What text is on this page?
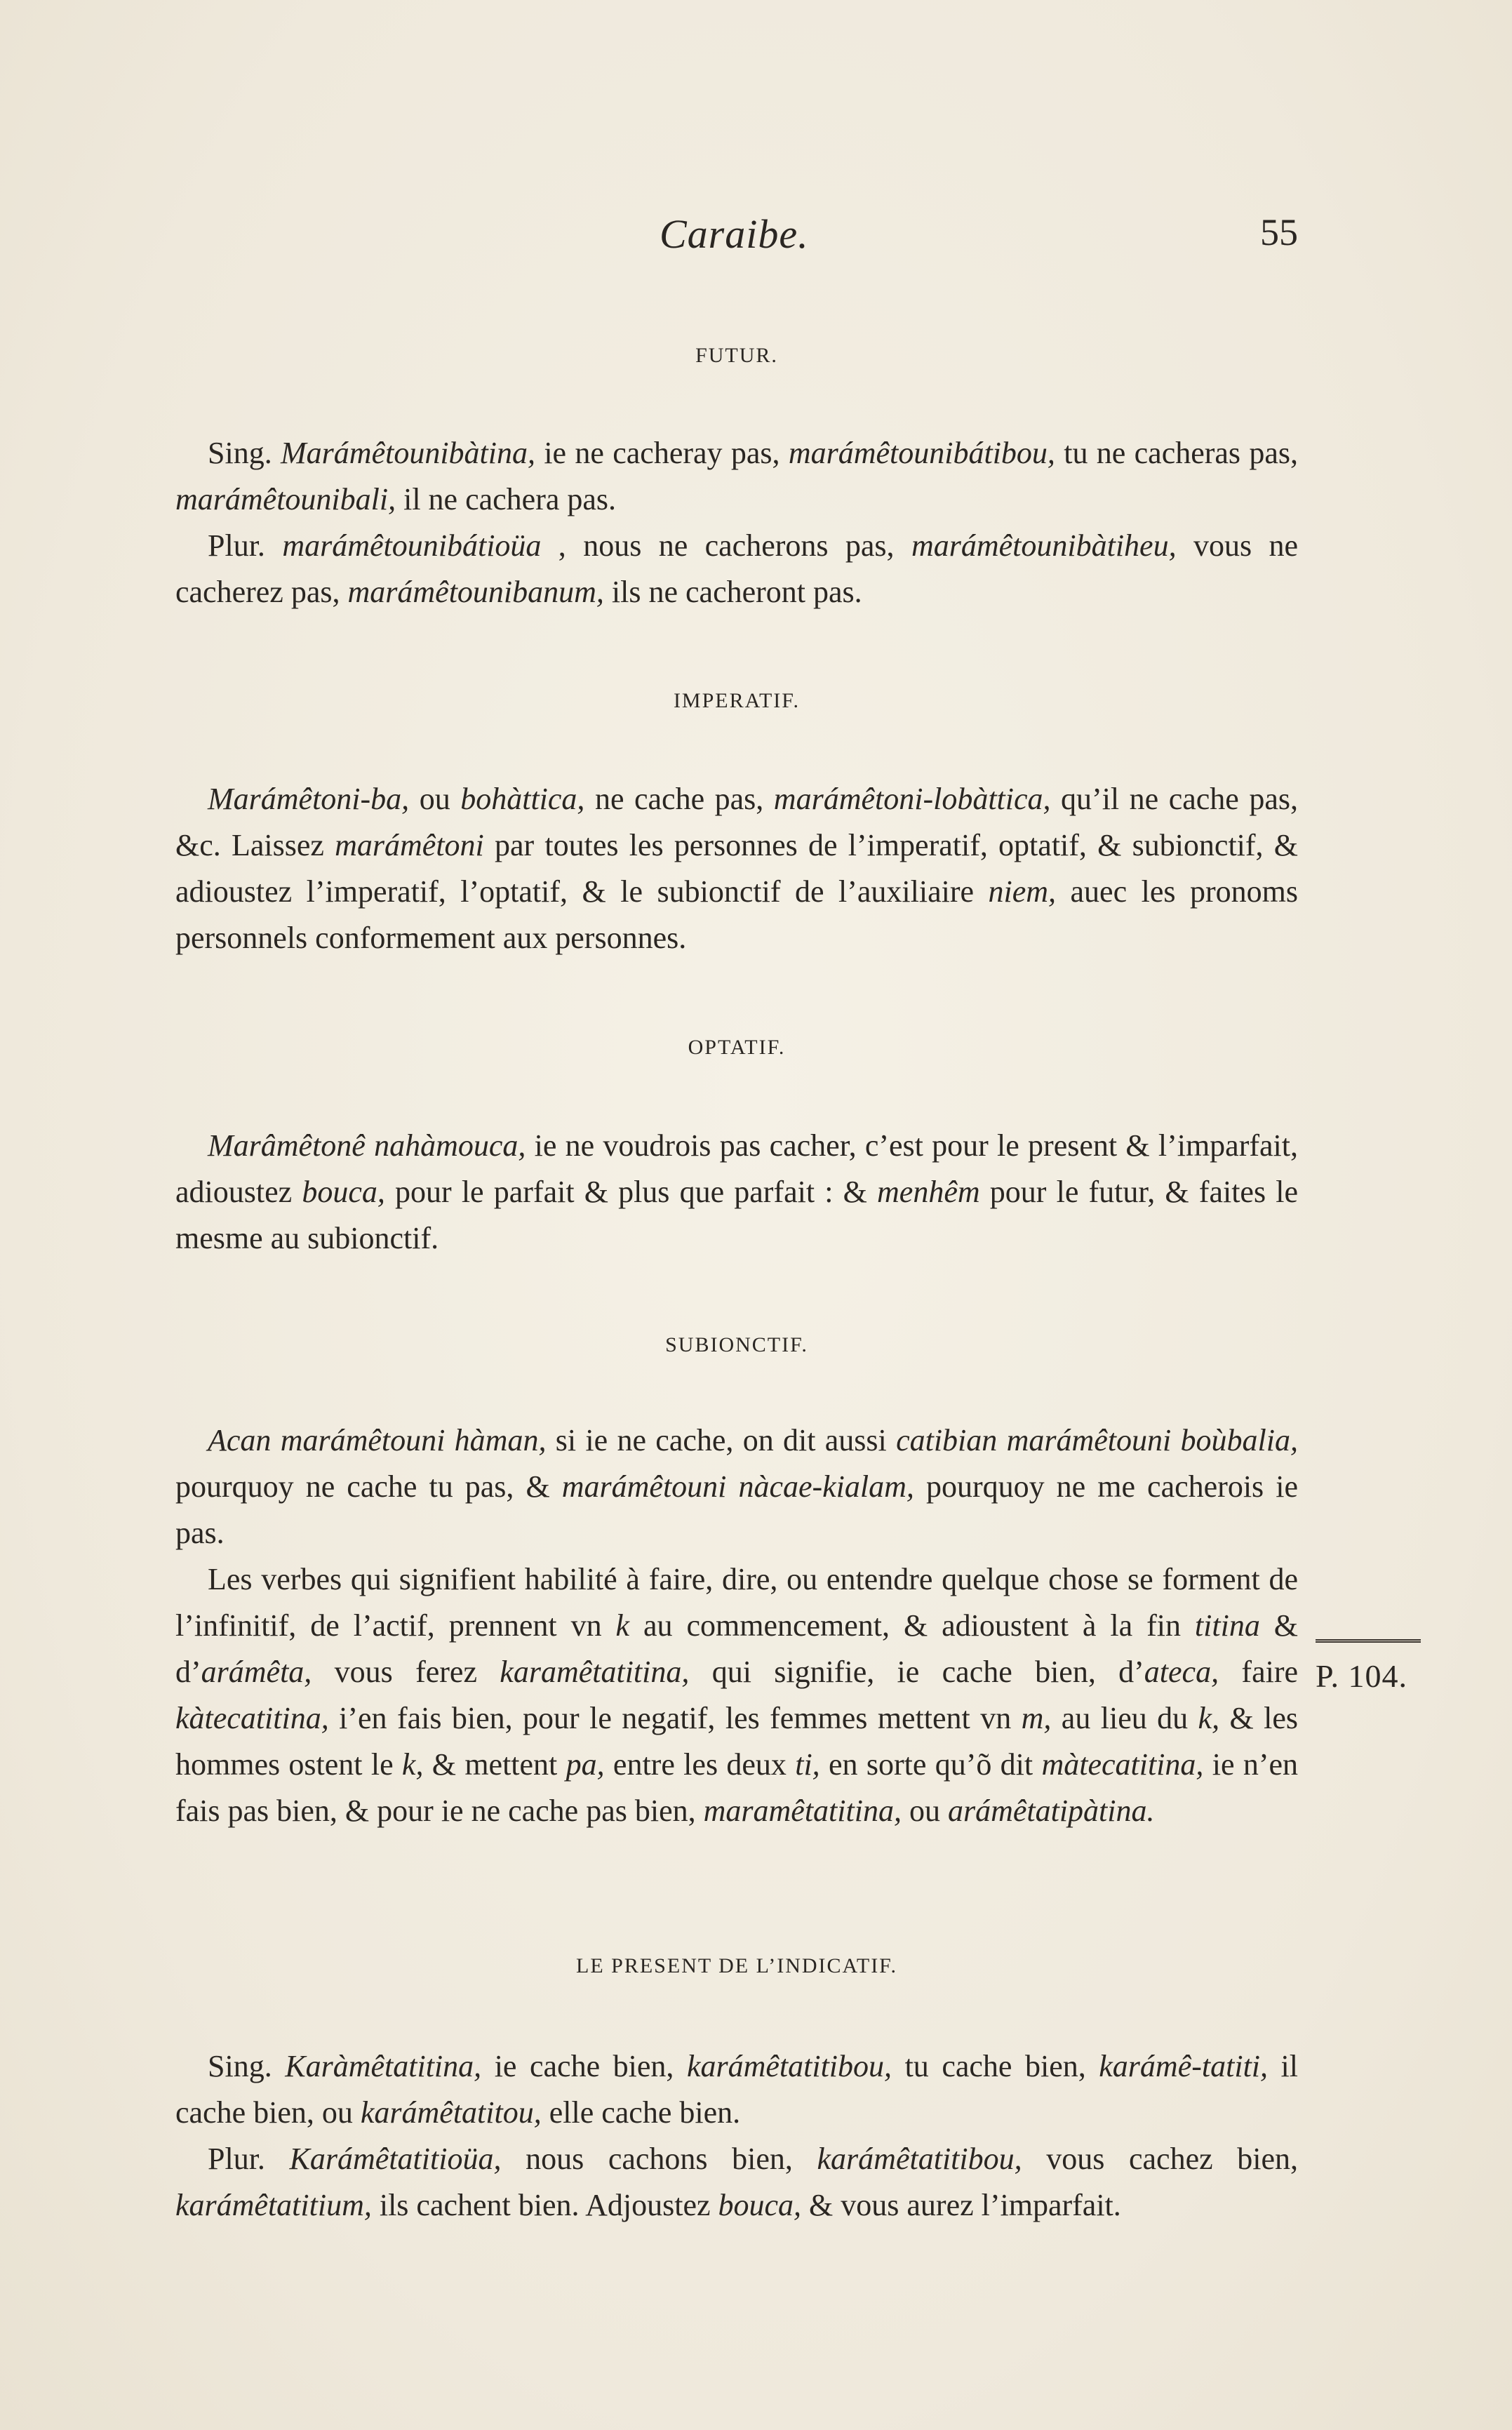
Caraibe.	55
FUTUR.

Sing. Marámêtounibàtina, ie ne cacheray pas, marámêtounibátibou, tu ne cacheras pas, marámêtounibali, il ne cachera pas.

Plur. marámêtounibátioüa , nous ne cacherons pas, marámêtounibàtiheu, vous ne cacherez pas, marámêtounibanum, ils ne cacheront pas.

IMPERATIF.

Marámêtoni-ba, ou bohàttica, ne cache pas, marámêtoni-lobàttica, qu’il ne cache pas, &c. Laissez marámêtoni par toutes les personnes de l’imperatif, optatif, & subionctif, & adioustez l’imperatif, l’optatif, & le subionctif de l’auxiliaire niem, auec les pronoms personnels conformement aux personnes.

OPTATIF.

Marâmêtonê nahàmouca, ie ne voudrois pas cacher, c’est pour le present & l’imparfait, adioustez bouca, pour le parfait & plus que parfait : & menhêm pour le futur, & faites le mesme au subionctif.

SUBIONCTIF.

Acan marámêtouni hàman, si ie ne cache, on dit aussi catibian marámêtouni boùbalia, pourquoy ne cache tu pas, & marámêtouni nàcae-kialam, pourquoy ne me cacherois ie pas.

Les verbes qui signifient habilité à faire, dire, ou entendre quelque chose se forment de l’infinitif, de l’actif, prennent vn k au commencement, & adioustent à la fin titina & d’arámêta, vous ferez karamêtatitina, qui signifie, ie cache bien, d’ateca, faire kàtecatitina, i’en fais bien, pour le negatif, les femmes mettent vn m, au lieu du k, & les hommes ostent le k, & mettent pa, entre les deux ti, en sorte qu’õ dit màtecatitina, ie n’en fais pas bien, & pour ie ne cache pas bien, maramêtatitina, ou arámêtatipàtina.

P. 104.
LE PRESENT DE L’INDICATIF.

Sing. Karàmêtatitina, ie cache bien, karámêtatitibou, tu cache bien, karámê-tatiti, il cache bien, ou karámêtatitou, elle cache bien.

Plur. Karámêtatitioüa, nous cachons bien, karámêtatitibou, vous cachez bien, karámêtatitium, ils cachent bien. Adjoustez bouca, & vous aurez l’imparfait.
